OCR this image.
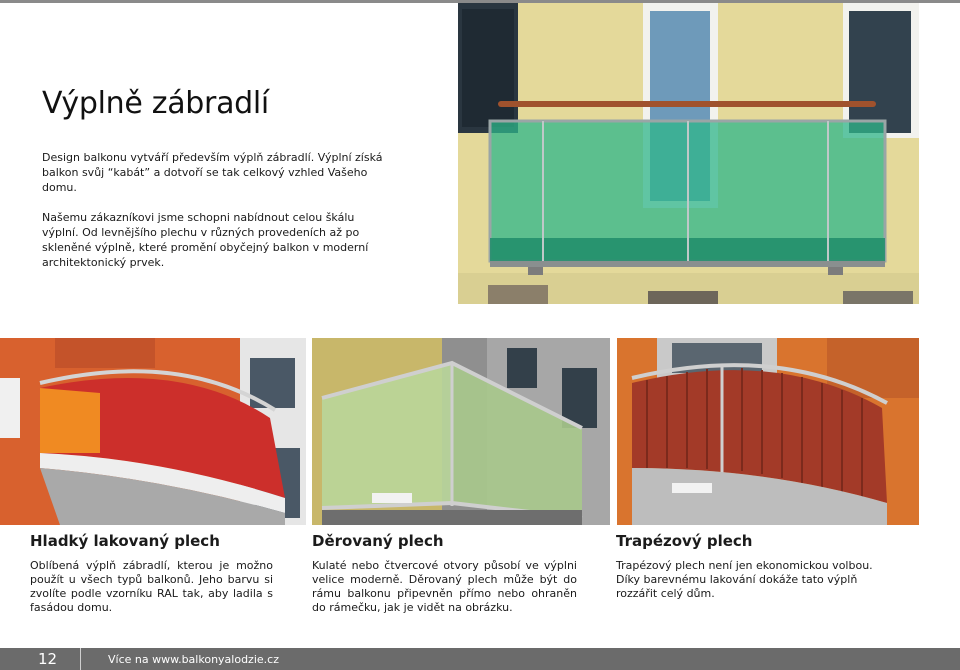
Výplně zábradlí

Design balkonu vytváří především výplň zábradlí. Výplní získá balkon svůj “kabát” a dotvoří se tak celkový vzhled Vašeho domu.

Našemu zákazníkovi jsme schopni nabídnout celou škálu výplní. Od levnějšího plechu v různých provedeních až po skleněné výplně, které promění obyčejný balkon v moderní architektonický prvek.

Hladký lakovaný plech

Oblíbená výplň zábradlí, kterou je možno použít u všech typů balkonů. Jeho barvu si zvolíte podle vzorníku RAL tak, aby ladila s fasádou domu.

Děrovaný plech

Kulaté nebo čtvercové otvory působí ve výplni velice moderně. Děrovaný plech může být do rámu balkonu připevněn přímo nebo ohraněn do rámečku, jak je vidět na obrázku.

Trapézový plech

Trapézový plech není jen ekonomickou volbou. Díky barevnému lakování dokáže tato výplň rozzářit celý dům.

12	Více na www.balkonyalodzie.cz
